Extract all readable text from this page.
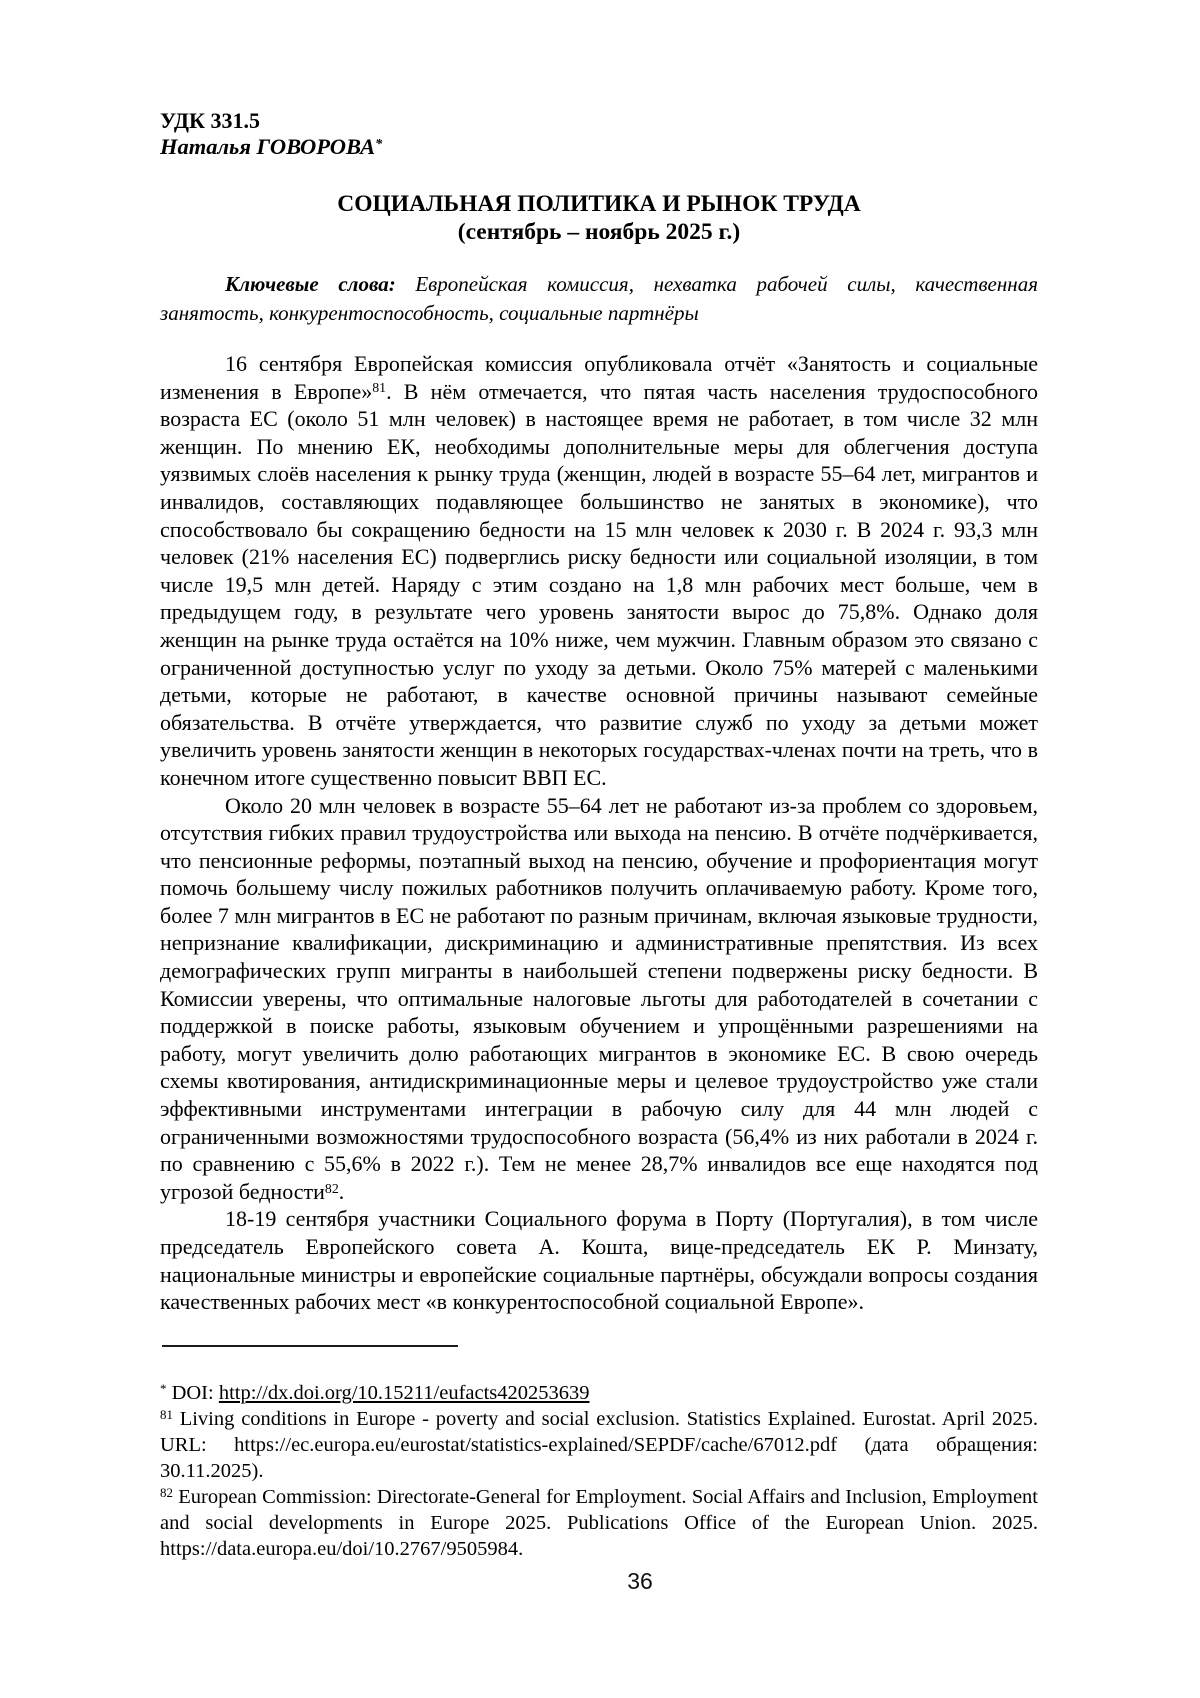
УДК 331.5
Наталья ГОВОРОВА*
СОЦИАЛЬНАЯ ПОЛИТИКА И РЫНОК ТРУДА
(сентябрь – ноябрь 2025 г.)

Ключевые слова: Европейская комиссия, нехватка рабочей силы, качественная занятость, конкурентоспособность, социальные партнёры

16 сентября Европейская комиссия опубликовала отчёт «Занятость и социальные изменения в Европе»$^{81}$. В нём отмечается, что пятая часть населения трудоспособного возраста ЕС (около 51 млн человек) в настоящее время не работает, в том числе 32 млн женщин. По мнению ЕК, необходимы дополнительные меры для облегчения доступа уязвимых слоёв населения к рынку труда (женщин, людей в возрасте 55–64 лет, мигрантов и инвалидов, составляющих подавляющее большинство не занятых в экономике), что способствовало бы сокращению бедности на 15 млн человек к 2030 г. В 2024 г. 93,3 млн человек (21% населения ЕС) подверглись риску бедности или социальной изоляции, в том числе 19,5 млн детей. Наряду с этим создано на 1,8 млн рабочих мест больше, чем в предыдущем году, в результате чего уровень занятости вырос до 75,8%. Однако доля женщин на рынке труда остаётся на 10% ниже, чем мужчин. Главным образом это связано с ограниченной доступностью услуг по уходу за детьми. Около 75% матерей с маленькими детьми, которые не работают, в качестве основной причины называют семейные обязательства. В отчёте утверждается, что развитие служб по уходу за детьми может увеличить уровень занятости женщин в некоторых государствах-членах почти на треть, что в конечном итоге существенно повысит ВВП ЕС.

Около 20 млн человек в возрасте 55–64 лет не работают из-за проблем со здоровьем, отсутствия гибких правил трудоустройства или выхода на пенсию. В отчёте подчёркивается, что пенсионные реформы, поэтапный выход на пенсию, обучение и профориентация могут помочь большему числу пожилых работников получить оплачиваемую работу. Кроме того, более 7 млн мигрантов в ЕС не работают по разным причинам, включая языковые трудности, непризнание квалификации, дискриминацию и административные препятствия. Из всех демографических групп мигранты в наибольшей степени подвержены риску бедности. В Комиссии уверены, что оптимальные налоговые льготы для работодателей в сочетании с поддержкой в поиске работы, языковым обучением и упрощёнными разрешениями на работу, могут увеличить долю работающих мигрантов в экономике ЕС. В свою очередь схемы квотирования, антидискриминационные меры и целевое трудоустройство уже стали эффективными инструментами интеграции в рабочую силу для 44 млн людей с ограниченными возможностями трудоспособного возраста (56,4% из них работали в 2024 г. по сравнению с 55,6% в 2022 г.). Тем не менее 28,7% инвалидов все еще находятся под угрозой бедности$^{82}$.

18-19 сентября участники Социального форума в Порту (Португалия), в том числе председатель Европейского совета А. Кошта, вице-председатель ЕК Р. Минзату, национальные министры и европейские социальные партнёры, обсуждали вопросы создания качественных рабочих мест «в конкурентоспособной социальной Европе».

* DOI: http://dx.doi.org/10.15211/eufacts420253639

$^{81}$ Living conditions in Europe - poverty and social exclusion. Statistics Explained. Eurostat. April 2025. URL: https://ec.europa.eu/eurostat/statistics-explained/SEPDF/cache/67012.pdf (дата обращения: 30.11.2025).

$^{82}$ European Commission: Directorate-General for Employment. Social Affairs and Inclusion, Employment and social developments in Europe 2025. Publications Office of the European Union. 2025. https://data.europa.eu/doi/10.2767/9505984.

36
